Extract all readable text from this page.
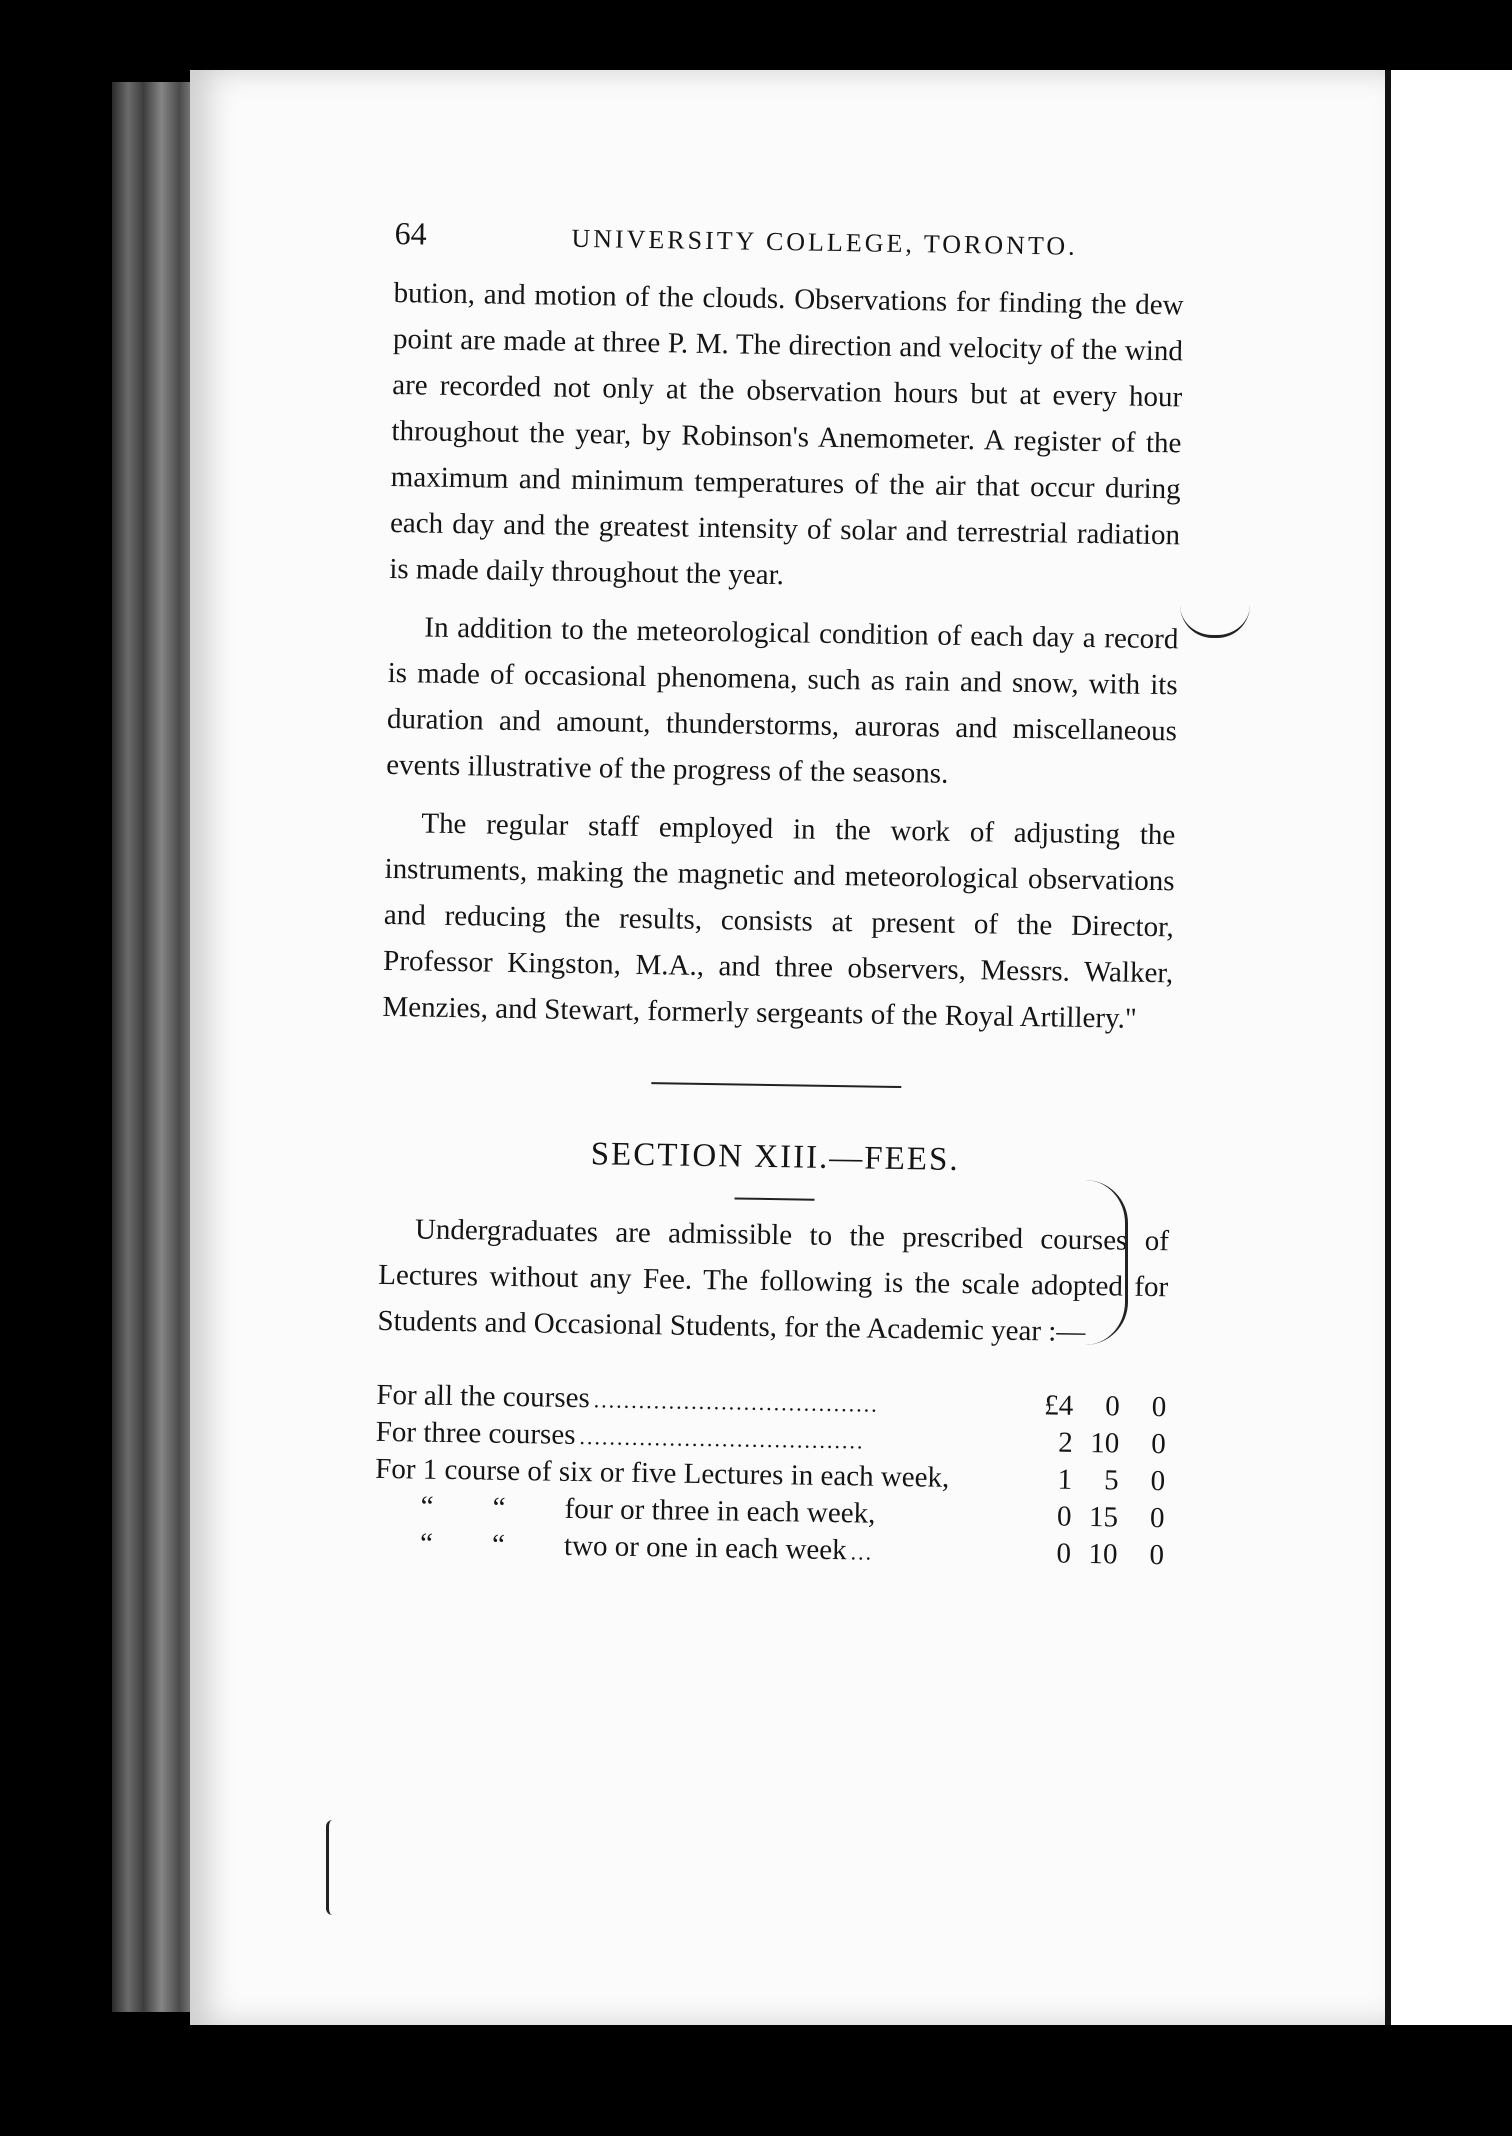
64	UNIVERSITY COLLEGE, TORONTO.

bution, and motion of the clouds. Observations for finding the dew point are made at three P. M. The direction and velocity of the wind are recorded not only at the observation hours but at every hour throughout the year, by Robinson's Anemometer. A register of the maximum and minimum temperatures of the air that occur during each day and the greatest intensity of solar and terrestrial radiation is made daily throughout the year.

In addition to the meteorological condition of each day a record is made of occasional phenomena, such as rain and snow, with its duration and amount, thunderstorms, auroras and miscellaneous events illustrative of the progress of the seasons.

The regular staff employed in the work of adjusting the instruments, making the magnetic and meteorological observations and reducing the results, consists at present of the Director, Professor Kingston, M.A., and three observers, Messrs. Walker, Menzies, and Stewart, formerly sergeants of the Royal Artillery."

SECTION XIII.—FEES.

Undergraduates are admissible to the prescribed courses of Lectures without any Fee. The following is the scale adopted for Students and Occasional Students, for the Academic year :—

For all the courses ......................................	£4	0	0
For three courses ......................................	2 10	0
For 1 course of six or five Lectures in each week,	1	5	0
“ “ four or three in each week,	0 15	0
“ “ two or one in each week ...	0 10	0
